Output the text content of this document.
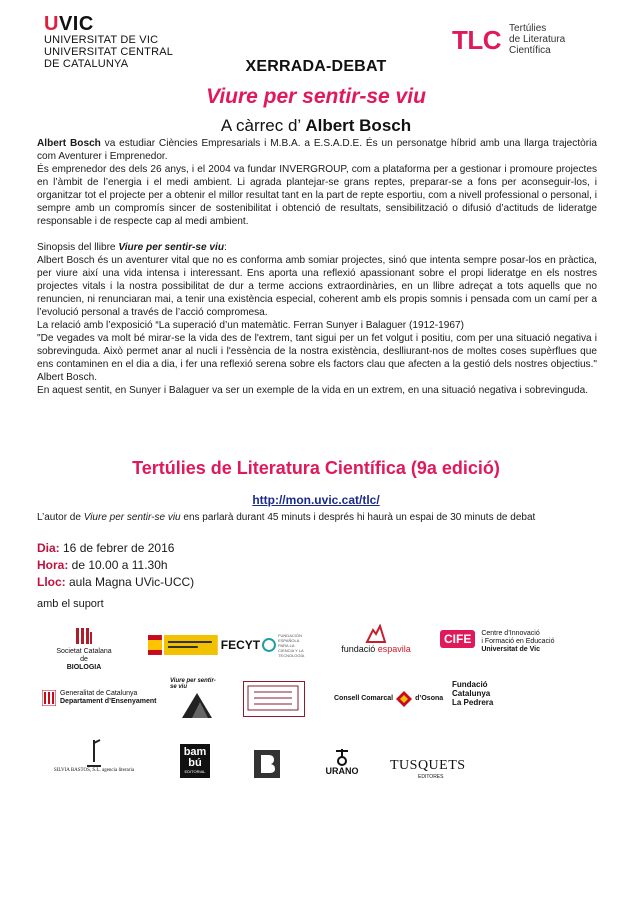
UVIC
UNIVERSITAT DE VIC
UNIVERSITAT CENTRAL
DE CATALUNYA
TLC Tertúlies
de Literatura
Científica
XERRADA-DEBAT
Viure per sentir-se viu
A càrrec d’ Albert Bosch

Albert Bosch va estudiar Ciències Empresarials i M.B.A. a E.S.A.D.E. És un personatge híbrid amb una llarga trajectòria com Aventurer i Emprenedor.

És emprenedor des dels 26 anys, i el 2004 va fundar INVERGROUP, com a plataforma per a gestionar i promoure projectes en l’àmbit de l’energia i el medi ambient. Li agrada plantejar-se grans reptes, preparar-se a fons per aconseguir-los, i organitzar tot el projecte per a obtenir el millor resultat tant en la part de repte esportiu, com a nivell professional o personal, i sempre amb un compromís sincer de sostenibilitat i obtenció de resultats, sensibilització o difusió d’actituds de lideratge responsable i de respecte cap al medi ambient.

Sinopsis del llibre Viure per sentir-se viu:

Albert Bosch és un aventurer vital que no es conforma amb somiar projectes, sinó que intenta sempre posar-los en pràctica, per viure així una vida intensa i interessant. Ens aporta una reflexió apassionant sobre el propi lideratge en els nostres projectes vitals i la nostra possibilitat de dur a terme accions extraordinàries, en un llibre adreçat a tots aquells que no renuncien, ni renunciaran mai, a tenir una existència especial, coherent amb els propis somnis i pensada com un camí per a l’evolució personal a través de l’acció compromesa.

La relació amb l’exposició “La superació d’un matemàtic. Ferran Sunyer i Balaguer (1912-1967)

"De vegades va molt bé mirar-se la vida des de l'extrem, tant sigui per un fet volgut i positiu, com per una situació negativa i sobrevinguda. Això permet anar al nucli i l'essència de la nostra existència, deslliurant-nos de moltes coses supèrflues que ens contaminen en el dia a dia, i fer una reflexió serena sobre els factors clau que afecten a la gestió dels nostres objectius." Albert Bosch.

En aquest sentit, en Sunyer i Balaguer va ser un exemple de la vida en un extrem, en una situació negativa i sobrevinguda.

Tertúlies de Literatura Científica (9a edició)
http://mon.uvic.cat/tlc/
L’autor de Viure per sentir-se viu ens parlarà durant 45 minuts i després hi haurà un espai de 30 minuts de debat
Dia: 16 de febrer de 2016
Hora: de 10.00 a 11.30h
Lloc: aula Magna UVic-UCC)
amb el suport
Societat Catalana de
BIOLOGIA
FECYT
FUNDACIÓN ESPAÑOLA PARA LA CIENCIA Y LA TECNOLOGÍA
fundació espavila
CIFE	Centre d’Innovació
i Formació en Educació
Universitat de Vic
Generalitat de Catalunya
Departament d’Ensenyament
Viure per sentir-se viu
Consell Comarcal	d’Osona
Fundació
Catalunya
La Pedrera
SILVIA BASTOS, S.L. agencia literaria
bam
bú
EDITORIAL	URANO TUSQUETS
EDITORES
